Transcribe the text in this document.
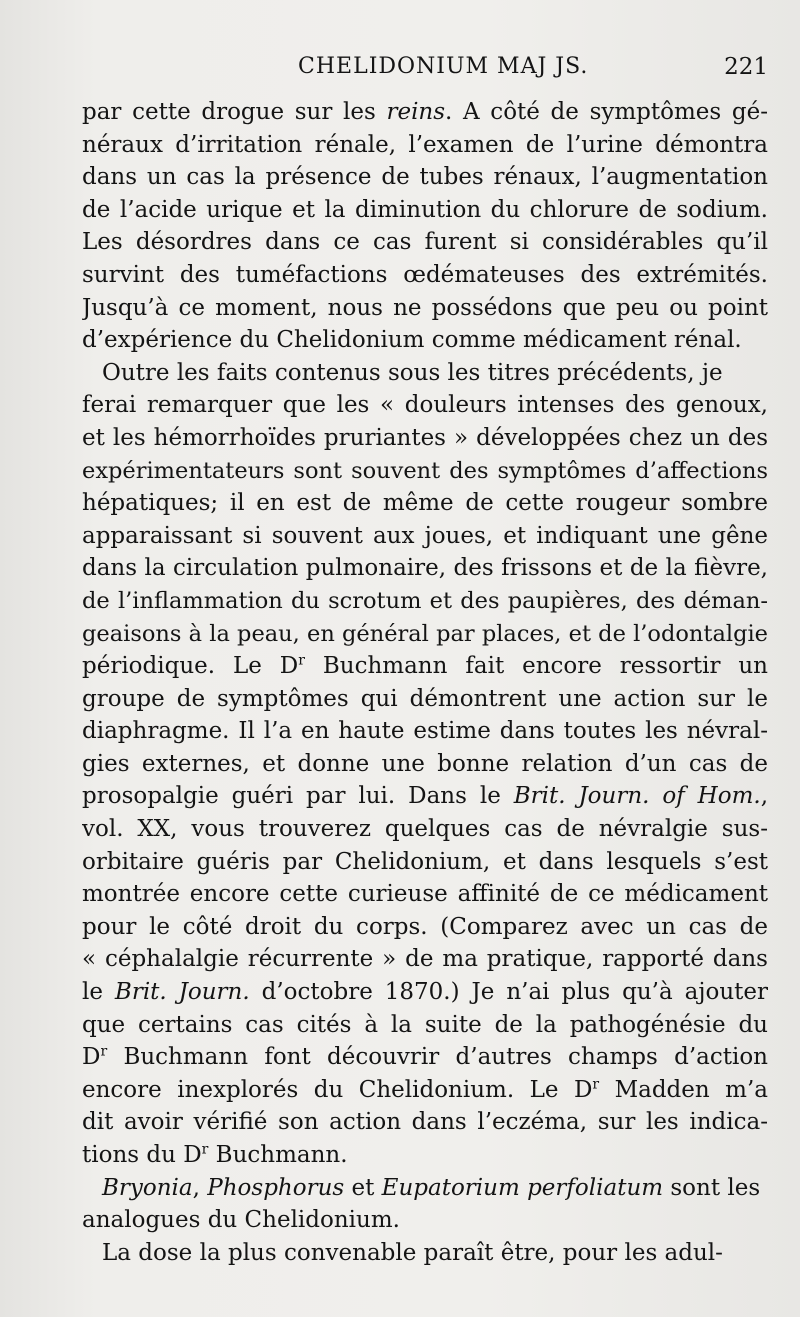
CHELIDONIUM MAJ JS.	221
par cette drogue sur les reins. A côté de symptômes gé-
néraux d’irritation rénale, l’examen de l’urine démontra
dans un cas la présence de tubes rénaux, l’augmentation
de l’acide urique et la diminution du chlorure de sodium.
Les désordres dans ce cas furent si considérables qu’il
survint des tuméfactions œdémateuses des extrémités.
Jusqu’à ce moment, nous ne possédons que peu ou point
d’expérience du Chelidonium comme médicament rénal.
Outre les faits contenus sous les titres précédents, je
ferai remarquer que les « douleurs intenses des genoux,
et les hémorrhoïdes pruriantes » développées chez un des
expérimentateurs sont souvent des symptômes d’affections
hépatiques; il en est de même de cette rougeur sombre
apparaissant si souvent aux joues, et indiquant une gêne
dans la circulation pulmonaire, des frissons et de la fièvre,
de l’inflammation du scrotum et des paupières, des déman-
geaisons à la peau, en général par places, et de l’odontalgie
périodique. Le $D^r$ Buchmann fait encore ressortir un
groupe de symptômes qui démontrent une action sur le
diaphragme. Il l’a en haute estime dans toutes les névral-
gies externes, et donne une bonne relation d’un cas de
prosopalgie guéri par lui. Dans le Brit. Journ. of Hom.,
vol. XX, vous trouverez quelques cas de névralgie sus-
orbitaire guéris par Chelidonium, et dans lesquels s’est
montrée encore cette curieuse affinité de ce médicament
pour le côté droit du corps. (Comparez avec un cas de
« céphalalgie récurrente » de ma pratique, rapporté dans
le Brit. Journ. d’octobre 1870.) Je n’ai plus qu’à ajouter
que certains cas cités à la suite de la pathogénésie du
$D^r$ Buchmann font découvrir d’autres champs d’action
encore inexplorés du Chelidonium. Le $D^r$ Madden m’a
dit avoir vérifié son action dans l’eczéma, sur les indica-
tions du $D^r$ Buchmann.
Bryonia, Phosphorus et Eupatorium perfoliatum sont les
analogues du Chelidonium.
La dose la plus convenable paraît être, pour les adul-
